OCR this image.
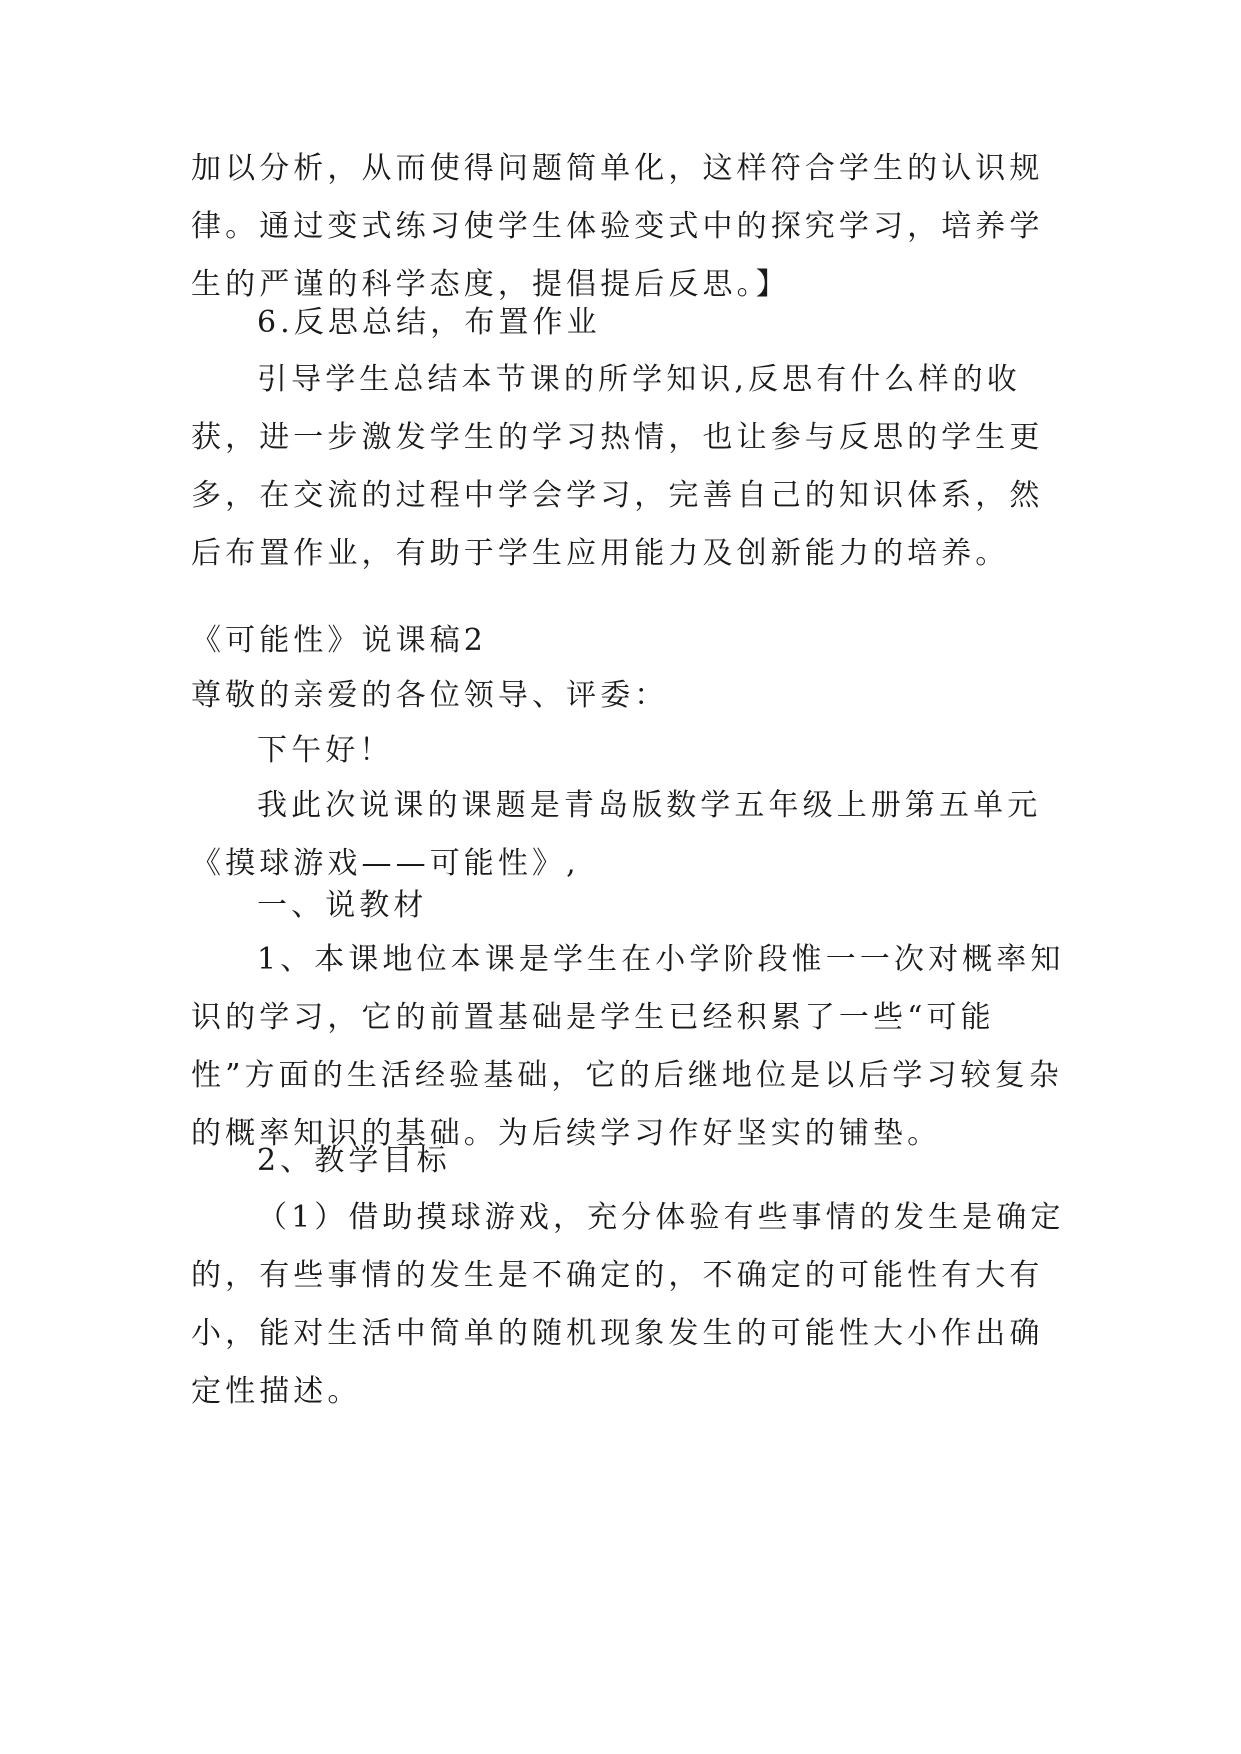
加以分析，从而使得问题简单化，这样符合学生的认识规律。通过变式练习使学生体验变式中的探究学习，培养学生的严谨的科学态度，提倡提后反思。】

6.反思总结，布置作业

引导学生总结本节课的所学知识,反思有什么样的收获，进一步激发学生的学习热情，也让参与反思的学生更多，在交流的过程中学会学习，完善自己的知识体系，然后布置作业，有助于学生应用能力及创新能力的培养。

《可能性》说课稿2

尊敬的亲爱的各位领导、评委：

下午好！

我此次说课的课题是青岛版数学五年级上册第五单元《摸球游戏——可能性》,

一、说教材

1、本课地位本课是学生在小学阶段惟一一次对概率知识的学习，它的前置基础是学生已经积累了一些“可能性”方面的生活经验基础，它的后继地位是以后学习较复杂的概率知识的基础。为后续学习作好坚实的铺垫。

2、教学目标

（1）借助摸球游戏，充分体验有些事情的发生是确定的，有些事情的发生是不确定的，不确定的可能性有大有小，能对生活中简单的随机现象发生的可能性大小作出确定性描述。
